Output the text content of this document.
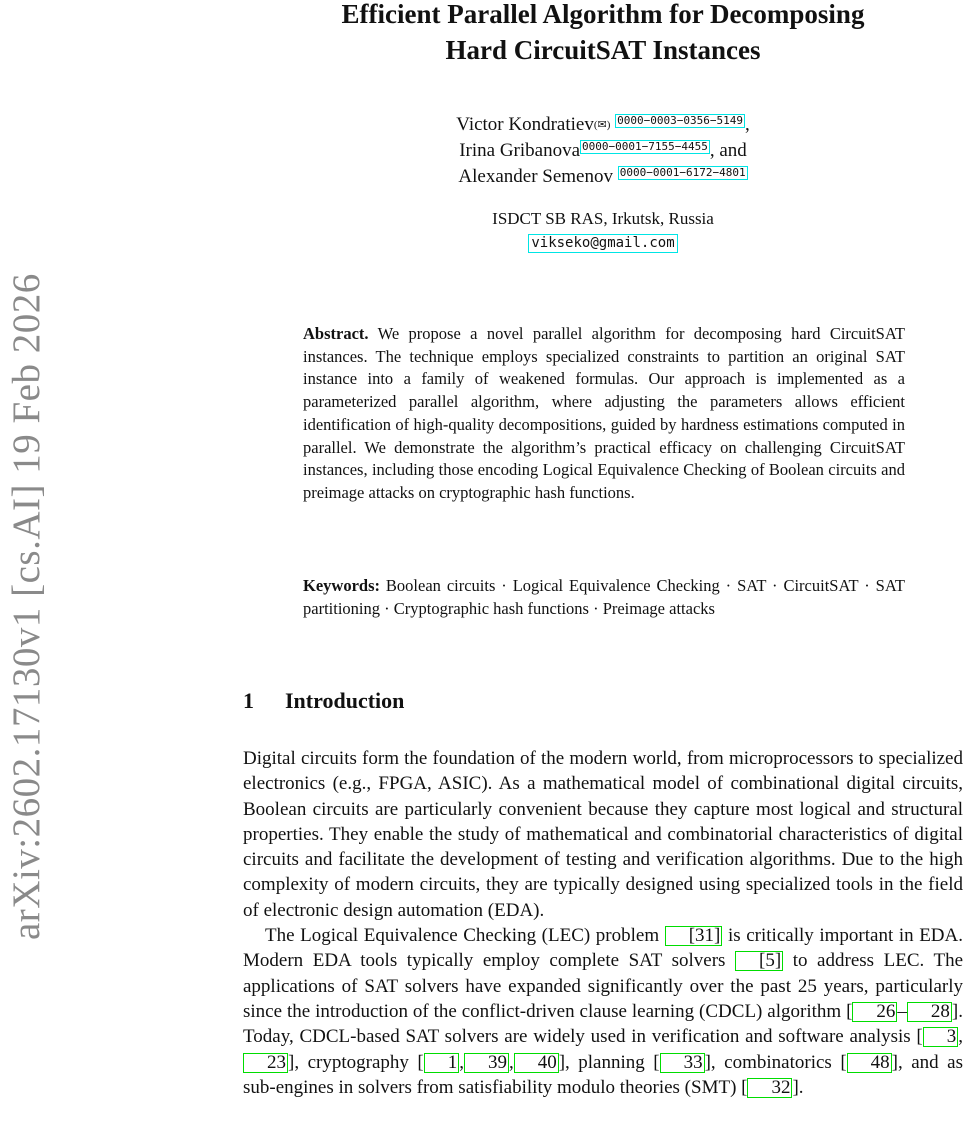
arXiv:2602.17130v1 [cs.AI] 19 Feb 2026
Efficient Parallel Algorithm for Decomposing
Hard CircuitSAT Instances
Victor Kondratiev(✉) 0000−0003−0356−5149 ,
Irina Gribanova 0000−0001−7155−4455 , and
Alexander Semenov 0000−0001−6172−4801
ISDCT SB RAS, Irkutsk, Russia
vikseko@gmail.com
Abstract. We propose a novel parallel algorithm for decomposing hard CircuitSAT instances. The technique employs specialized constraints to partition an original SAT instance into a family of weakened formulas. Our approach is implemented as a parameterized parallel algorithm, where adjusting the parameters allows efficient identification of high-quality decompositions, guided by hardness estimations computed in parallel. We demonstrate the algorithm’s practical efficacy on challenging CircuitSAT instances, including those encoding Logical Equivalence Checking of Boolean circuits and preimage attacks on cryptographic hash functions.
Keywords: Boolean circuits · Logical Equivalence Checking · SAT · CircuitSAT · SAT partitioning · Cryptographic hash functions · Preimage attacks
1 Introduction

Digital circuits form the foundation of the modern world, from microprocessors to specialized electronics (e.g., FPGA, ASIC). As a mathematical model of combinational digital circuits, Boolean circuits are particularly convenient because they capture most logical and structural properties. They enable the study of mathematical and combinatorial characteristics of digital circuits and facilitate the development of testing and verification algorithms. Due to the high complexity of modern circuits, they are typically designed using specialized tools in the field of electronic design automation (EDA).

The Logical Equivalence Checking (LEC) problem [31] is critically important in EDA. Modern EDA tools typically employ complete SAT solvers [5] to address LEC. The applications of SAT solvers have expanded significantly over the past 25 years, particularly since the introduction of the conflict-driven clause learning (CDCL) algorithm [ 26 – 28 ]. Today, CDCL-based SAT solvers are widely used in verification and software analysis [ 3 ,23 ], cryptography [ 1 , 39 , 40 ], planning [ 33 ], combinatorics [ 48 ], and as sub-engines in solvers from satisfiability modulo theories (SMT) [ 32 ].
